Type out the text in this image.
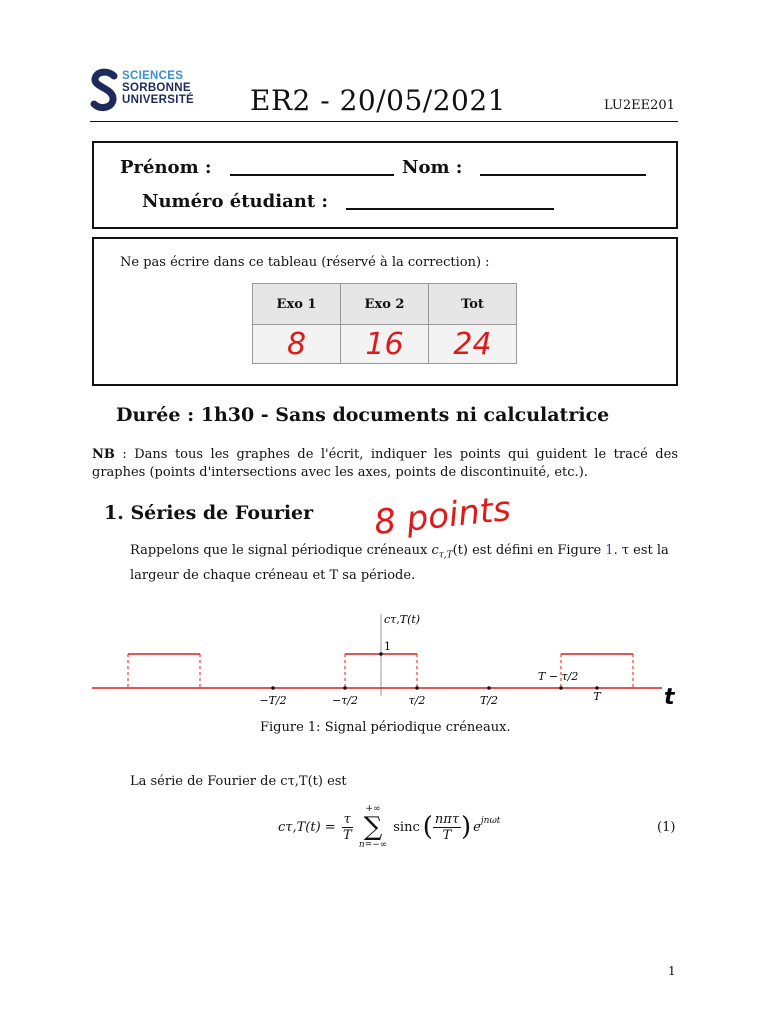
SCIENCES
SORBONNE
UNIVERSITÉ ER2 - 20/05/2021	LU2EE201
Prénom :	Nom :
Numéro étudiant :
Ne pas écrire dans ce tableau (réservé à la correction) :
Exo 1	Exo 2	Tot
8	16	24
Durée : 1h30 - Sans documents ni calculatrice
NB : Dans tous les graphes de l'écrit, indiquer les points qui guident le tracé des graphes (points d'intersections avec les axes, points de discontinuité, etc.).
1. Séries de Fourier 8 points
Rappelons que le signal périodique créneaux $c_{\tau,T}(t)$ est défini en Figure 1. τ est la largeur de chaque créneau et T sa période.
cτ,T(t)
1
−T/2	−τ/2	τ/2	T/2	T
T − τ/2
t
Figure 1: Signal périodique créneaux.
La série de Fourier de cτ,T(t) est
$c\tau,T(t) = \frac{\tau}{T}$
+∞
∑
n=−∞
sinc ( nπτ
T ) e $^{jn\omega t}$	(1)
1
